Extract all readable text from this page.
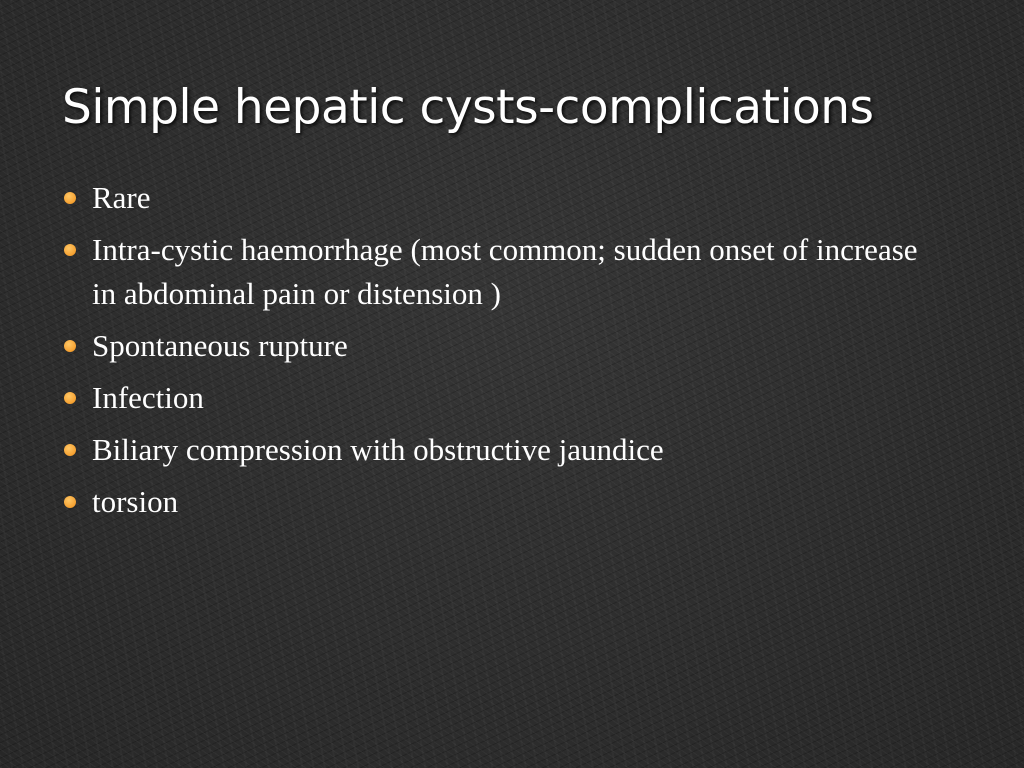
Simple hepatic cysts-complications
Rare
Intra-cystic haemorrhage (most common; sudden onset of increase in abdominal pain or distension )
Spontaneous rupture
Infection
Biliary compression with obstructive jaundice
torsion
